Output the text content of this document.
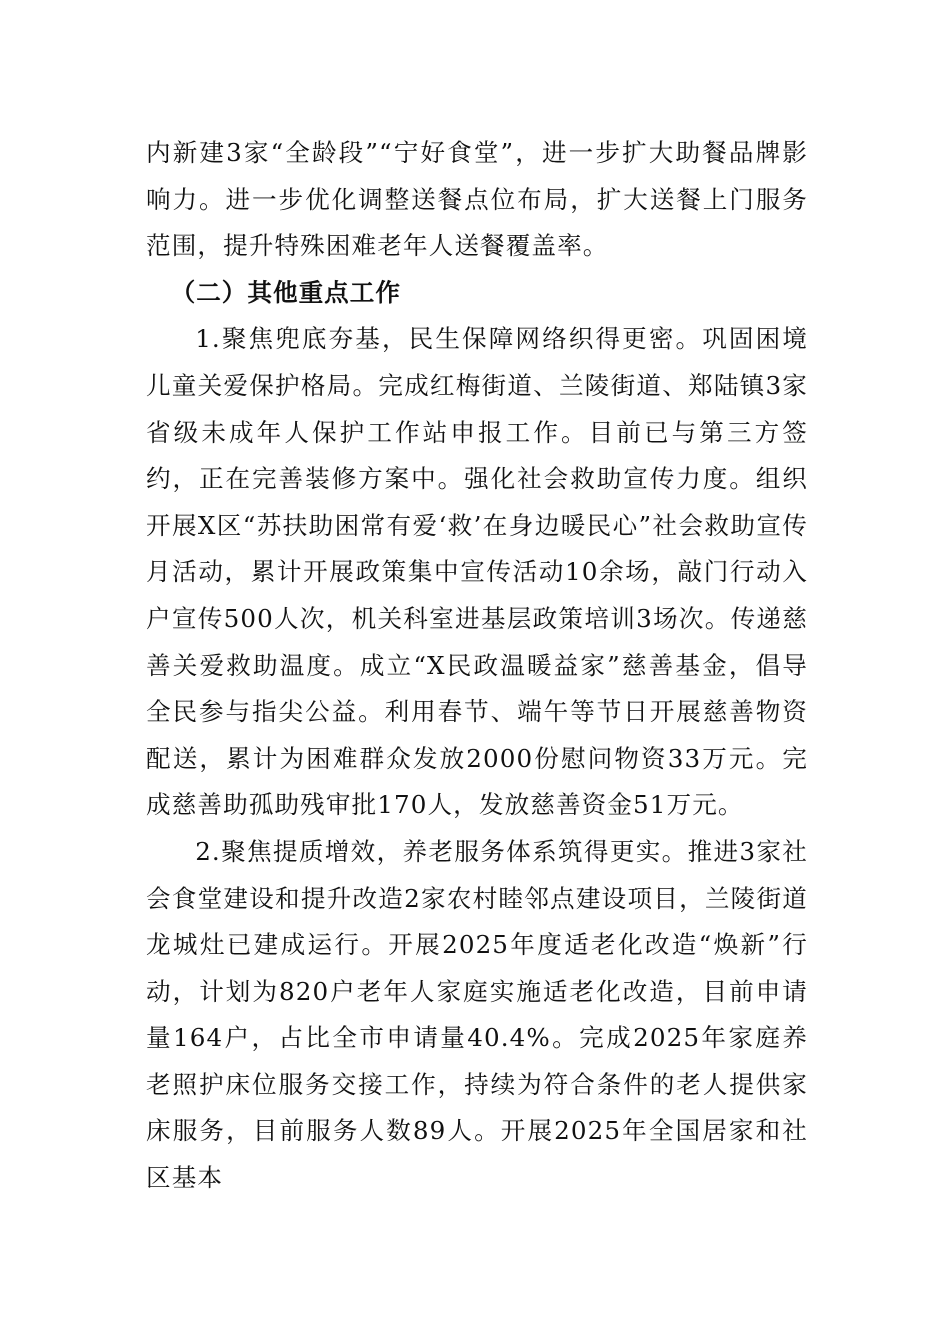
内新建3家“全龄段”“宁好食堂”，进一步扩大助餐品牌影响力。进一步优化调整送餐点位布局，扩大送餐上门服务范围，提升特殊困难老年人送餐覆盖率。

（二）其他重点工作

1.聚焦兜底夯基，民生保障网络织得更密。巩固困境儿童关爱保护格局。完成红梅街道、兰陵街道、郑陆镇3家省级未成年人保护工作站申报工作。目前已与第三方签约，正在完善装修方案中。强化社会救助宣传力度。组织开展X区“苏扶助困常有爱‘救’在身边暖民心”社会救助宣传月活动，累计开展政策集中宣传活动10余场，敲门行动入户宣传500人次，机关科室进基层政策培训3场次。传递慈善关爱救助温度。成立“X民政温暖益家”慈善基金，倡导全民参与指尖公益。利用春节、端午等节日开展慈善物资配送，累计为困难群众发放2000份慰问物资33万元。完成慈善助孤助残审批170人，发放慈善资金51万元。

2.聚焦提质增效，养老服务体系筑得更实。推进3家社会食堂建设和提升改造2家农村睦邻点建设项目，兰陵街道龙城灶已建成运行。开展2025年度适老化改造“焕新”行动，计划为820户老年人家庭实施适老化改造，目前申请量164户，占比全市申请量40.4%。完成2025年家庭养老照护床位服务交接工作，持续为符合条件的老人提供家床服务，目前服务人数89人。开展2025年全国居家和社区基本
